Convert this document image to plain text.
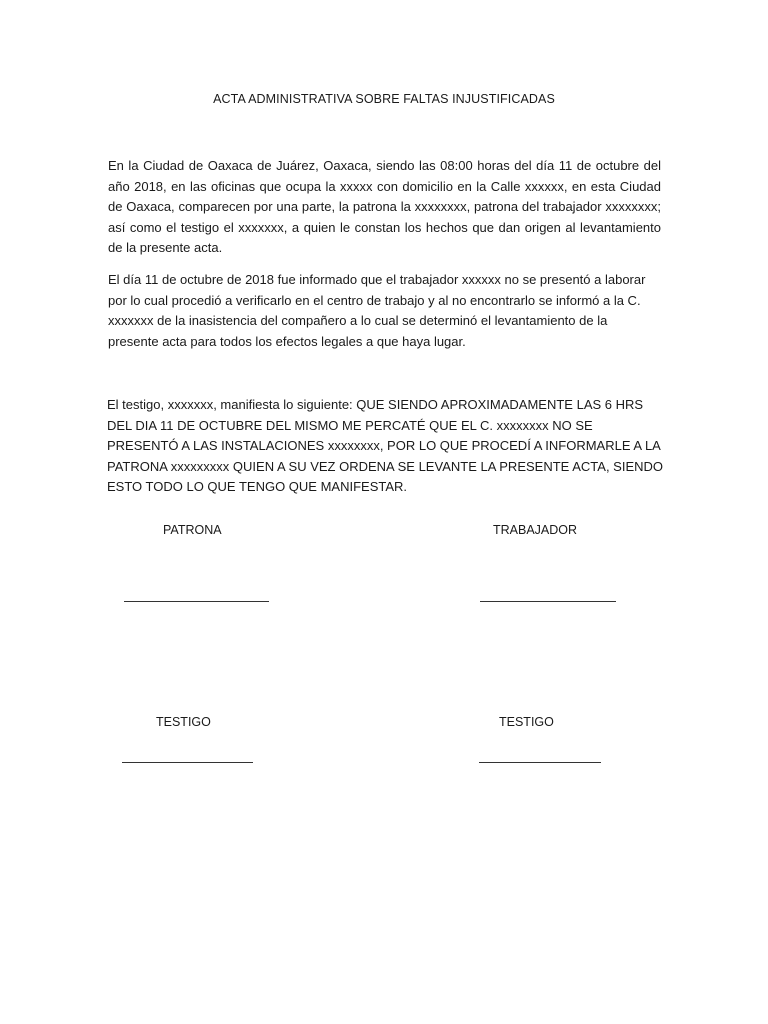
ACTA ADMINISTRATIVA SOBRE FALTAS INJUSTIFICADAS

En la Ciudad de Oaxaca de Juárez, Oaxaca, siendo las 08:00 horas del día 11 de octubre del año 2018, en las oficinas que ocupa la xxxxx con domicilio en la Calle xxxxxx, en esta Ciudad de Oaxaca, comparecen por una parte, la patrona la xxxxxxxx, patrona del trabajador xxxxxxxx; así como el testigo el xxxxxxx, a quien le constan los hechos que dan origen al levantamiento de la presente acta.

El día 11 de octubre de 2018 fue informado que el trabajador xxxxxx no se presentó a laborar por lo cual procedió a verificarlo en el centro de trabajo y al no encontrarlo se informó a la C. xxxxxxx de la inasistencia del compañero a lo cual se determinó el levantamiento de la presente acta para todos los efectos legales a que haya lugar.

El testigo, xxxxxxx, manifiesta lo siguiente: QUE SIENDO APROXIMADAMENTE LAS 6 HRS DEL DIA 11 DE OCTUBRE DEL MISMO ME PERCATÉ QUE EL C. xxxxxxxx NO SE PRESENTÓ A LAS INSTALACIONES xxxxxxxx, POR LO QUE PROCEDÍ A INFORMARLE A LA PATRONA xxxxxxxxx QUIEN A SU VEZ ORDENA SE LEVANTE LA PRESENTE ACTA, SIENDO ESTO TODO LO QUE TENGO QUE MANIFESTAR.

PATRONA	TRABAJADOR
TESTIGO	TESTIGO
